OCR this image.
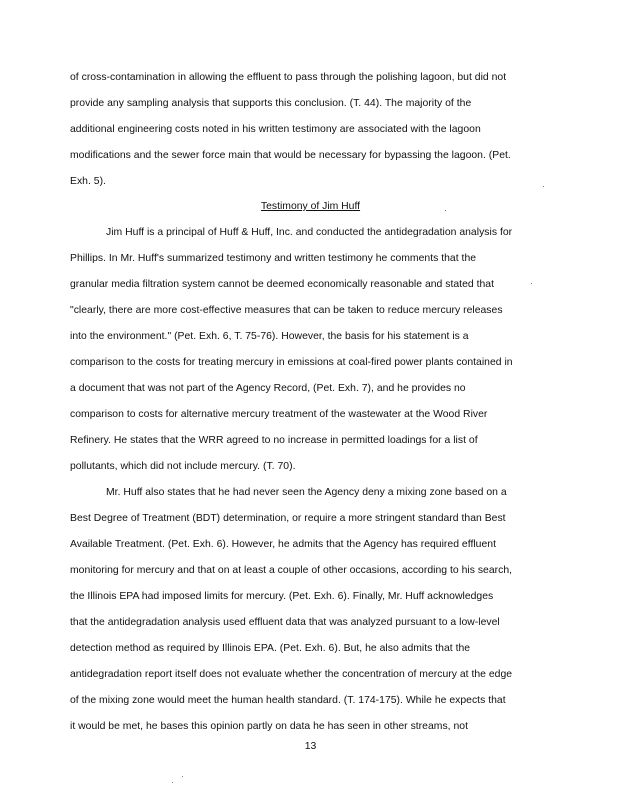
of cross-contamination in allowing the effluent to pass through the polishing lagoon, but did not
provide any sampling analysis that supports this conclusion. (T. 44). The majority of the
additional engineering costs noted in his written testimony are associated with the lagoon
modifications and the sewer force main that would be necessary for bypassing the lagoon. (Pet.
Exh. 5).
Testimony of Jim Huff
Jim Huff is a principal of Huff & Huff, Inc. and conducted the antidegradation analysis for
Phillips. In Mr. Huff's summarized testimony and written testimony he comments that the
granular media filtration system cannot be deemed economically reasonable and stated that
"clearly, there are more cost-effective measures that can be taken to reduce mercury releases
into the environment." (Pet. Exh. 6, T. 75-76). However, the basis for his statement is a
comparison to the costs for treating mercury in emissions at coal-fired power plants contained in
a document that was not part of the Agency Record, (Pet. Exh. 7), and he provides no
comparison to costs for alternative mercury treatment of the wastewater at the Wood River
Refinery. He states that the WRR agreed to no increase in permitted loadings for a list of
pollutants, which did not include mercury. (T. 70).
Mr. Huff also states that he had never seen the Agency deny a mixing zone based on a
Best Degree of Treatment (BDT) determination, or require a more stringent standard than Best
Available Treatment. (Pet. Exh. 6). However, he admits that the Agency has required effluent
monitoring for mercury and that on at least a couple of other occasions, according to his search,
the Illinois EPA had imposed limits for mercury. (Pet. Exh. 6). Finally, Mr. Huff acknowledges
that the antidegradation analysis used effluent data that was analyzed pursuant to a low-level
detection method as required by Illinois EPA. (Pet. Exh. 6). But, he also admits that the
antidegradation report itself does not evaluate whether the concentration of mercury at the edge
of the mixing zone would meet the human health standard. (T. 174-175). While he expects that
it would be met, he bases this opinion partly on data he has seen in other streams, not
13
